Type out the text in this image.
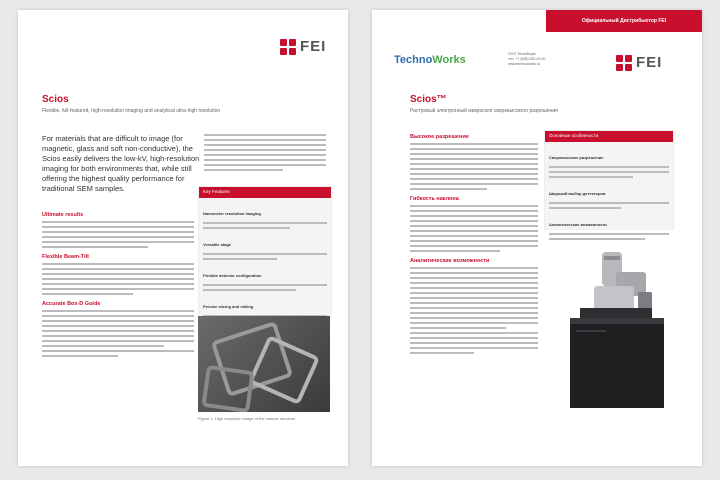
FEI
Scios
Flexible, full-featured, high-resolution imaging and analytical ultra-high resolution
For materials that are difficult to image (for magnetic, glass and soft non-conductive), the Scios easily delivers the low-kV, high-resolution imaging for both environments that, while still offering the highest quality performance for traditional SEM samples.
Ultimate results
Flexible Beam-Tilt
Accurate Box-D Guide
Key Features
Nanometer resolution imaging
Versatile stage
Flexible detector configuration
Precise slicing and milling
Figure 1. High resolution image of the sample structure
Официальный Дистрибьютор FEI
TechnoWorks	ООО ТехноВоркс
тел. +7 (495) 000-00-00
www.technoworks.ru	FEI
Scios™
Растровый электронный микроскоп сверхвысокого разрешения
Высокое разрешение
Гибкость наклона
Аналитические возможности
Основные особенности
Сверхвысокое разрешение
Широкий выбор детекторов
Аналитические возможности
